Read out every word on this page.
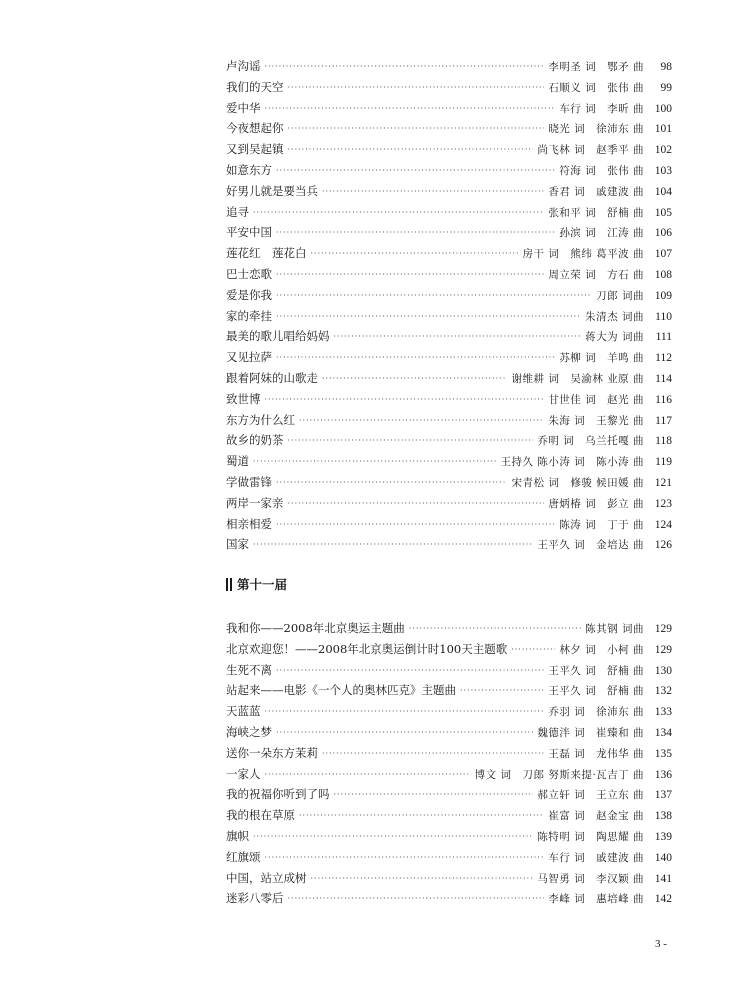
卢沟谣 ·····	李明圣 词　鄂矛 曲	98
我们的天空 ·····	石顺义 词　张伟 曲	99
爱中华 ·····	车行 词　李昕 曲 100
今夜想起你 ·····	晓光 词　徐沛东 曲 101
又到吴起镇 ·····	尚飞林 词　赵季平 曲 102
如意东方 ·····	符海 词　张伟 曲 103
好男儿就是要当兵 ·····	香君 词　戚建波 曲 104
追寻 ·····	张和平 词　舒楠 曲 105
平安中国 ·····	孙滨 词　江涛 曲 106
莲花红　莲花白 ·····	房干 词　熊纬 葛平波 曲 107
巴士恋歌 ·····	周立荣 词　方石 曲 108
爱是你我 ·····	刀郎 词曲 109
家的牵挂 ·····	朱清杰 词曲 110
最美的歌儿唱给妈妈 ·····	蒋大为 词曲	111
又见拉萨 ·····	苏柳 词　羊鸣 曲 112
跟着阿妹的山歌走 ·····	谢维耕 词　吴渝林 业原 曲 114
致世博 ·····	甘世佳 词　赵光 曲 116
东方为什么红 ·····	朱海 词　王黎光 曲 117
故乡的奶茶 ·····	乔明 词　乌兰托嘎 曲 118
蜀道 ·····	王持久 陈小涛 词　陈小涛 曲 119
学做雷锋 ·····	宋青松 词　修骏 候田媛 曲 121
两岸一家亲 ·····	唐炳椿 词　彭立 曲 123
相亲相爱 ·····	陈涛 词　丁于 曲 124
国家 ·····	王平久 词　金培达 曲 126
第十一届
我和你——2008年北京奥运主题曲 ·····	陈其钢 词曲 129
北京欢迎您！——2008年北京奥运倒计时100天主题歌 ·····	林夕 词　小柯 曲 129
生死不离 ·····	王平久 词　舒楠 曲 130
站起来——电影《一个人的奥林匹克》主题曲 ·····	王平久 词　舒楠 曲 132
天蓝蓝 ·····	乔羽 词　徐沛东 曲 133
海峡之梦 ·····	魏德泮 词　崔臻和 曲 134
送你一朵东方茉莉 ·····	王磊 词　龙伟华 曲 135
一家人 ·····	博文 词　刀郎 努斯来提·瓦吉丁 曲 136
我的祝福你听到了吗 ·····	郝立轩 词　王立东 曲 137
我的根在草原 ·····	崔富 词　赵金宝 曲 138
旗帜 ·····	陈特明 词　陶思耀 曲 139
红旗颂 ·····	车行 词　戚建波 曲 140
中国，站立成树 ·····	马智勇 词　李汉颖 曲 141
迷彩八零后 ·····	李峰 词　惠培峰 曲 142
3 -
